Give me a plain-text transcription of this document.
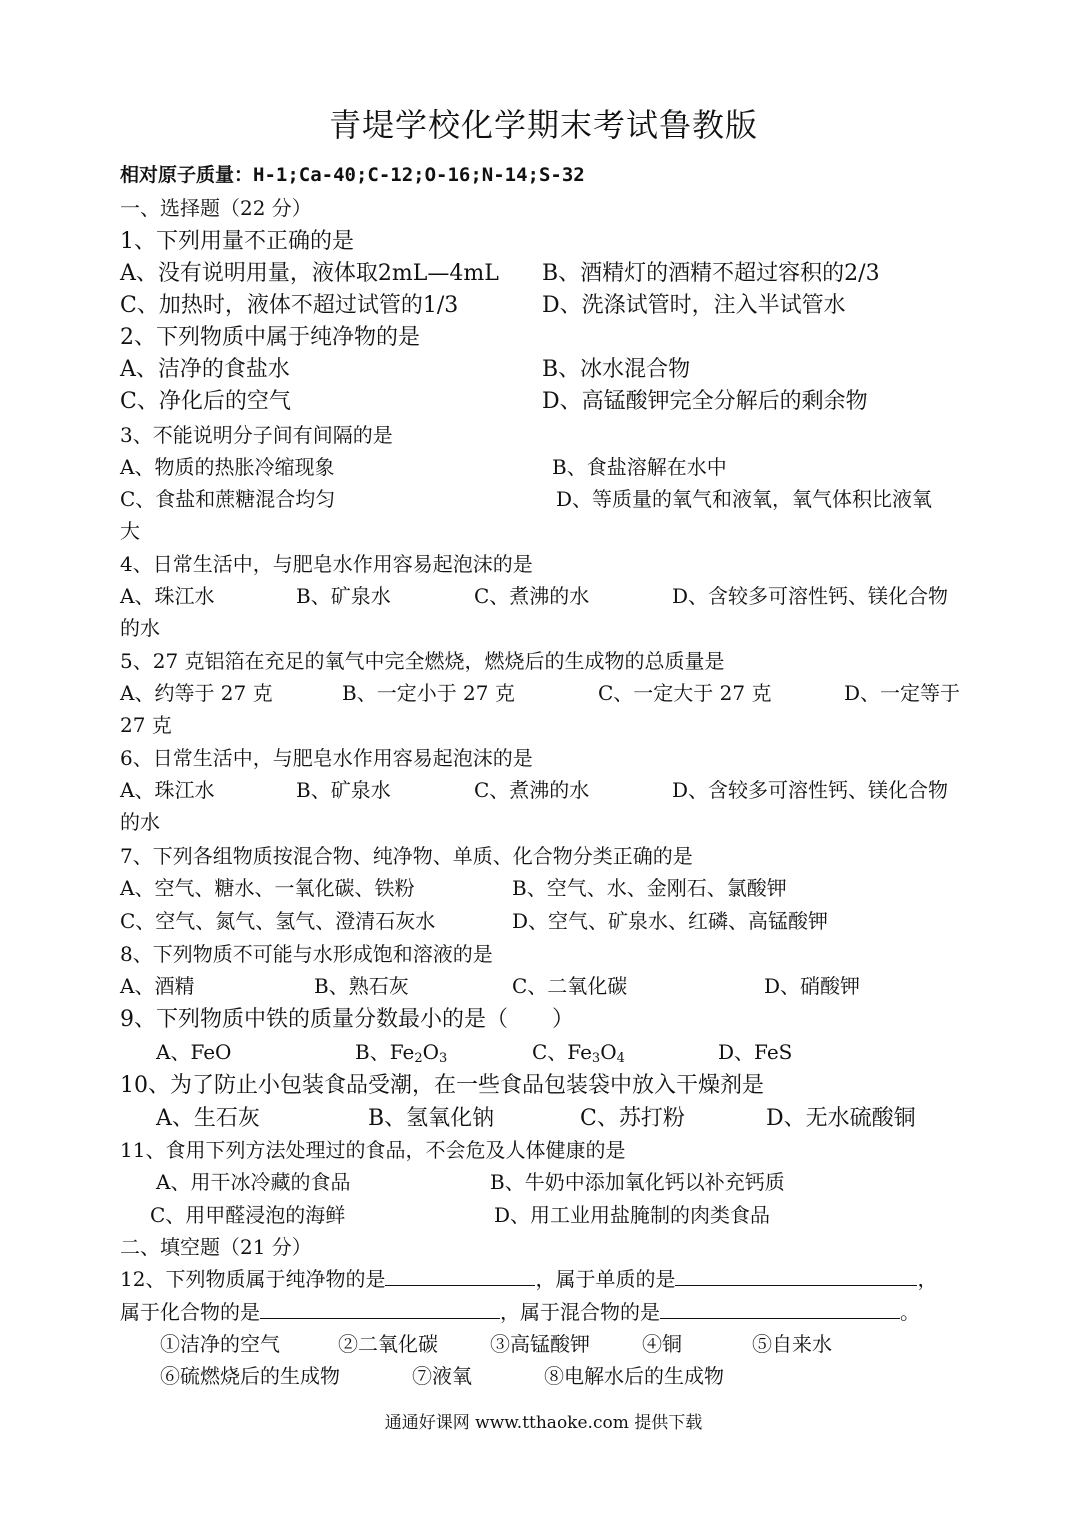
青堤学校化学期末考试鲁教版
相对原子质量：H-1;Ca-40;C-12;O-16;N-14;S-32
一、选择题（22 分）
1、下列用量不正确的是
A、没有说明用量，液体取2mL—4mL B、酒精灯的酒精不超过容积的2/3
C、加热时，液体不超过试管的1/3	D、洗涤试管时，注入半试管水
2、下列物质中属于纯净物的是
A、洁净的食盐水	B、冰水混合物
C、净化后的空气	D、高锰酸钾完全分解后的剩余物
3、不能说明分子间有间隔的是
A、物质的热胀冷缩现象	B、食盐溶解在水中
C、食盐和蔗糖混合均匀	D、等质量的氧气和液氧，氧气体积比液氧
大
4、日常生活中，与肥皂水作用容易起泡沫的是
A、珠江水	B、矿泉水	C、煮沸的水	D、含较多可溶性钙、镁化合物
的水
5、27 克铝箔在充足的氧气中完全燃烧，燃烧后的生成物的总质量是
A、约等于 27 克	B、一定小于 27 克	C、一定大于 27 克	D、一定等于
27 克
6、日常生活中，与肥皂水作用容易起泡沫的是
A、珠江水	B、矿泉水	C、煮沸的水	D、含较多可溶性钙、镁化合物
的水
7、下列各组物质按混合物、纯净物、单质、化合物分类正确的是
A、空气、糖水、一氧化碳、铁粉	B、空气、水、金刚石、氯酸钾
C、空气、氮气、氢气、澄清石灰水	D、空气、矿泉水、红磷、高锰酸钾
8、下列物质不可能与水形成饱和溶液的是
A、酒精	B、熟石灰	C、二氧化碳	D、硝酸钾
9、下列物质中铁的质量分数最小的是（　　）
A、FeO	B、$Fe_2O_3$	C、$Fe_3O_4$	D、FeS
10、为了防止小包装食品受潮，在一些食品包装袋中放入干燥剂是
A、生石灰	B、氢氧化钠	C、苏打粉	D、无水硫酸铜
11、食用下列方法处理过的食品，不会危及人体健康的是
A、用干冰冷藏的食品	B、牛奶中添加氧化钙以补充钙质
C、用甲醛浸泡的海鲜	D、用工业用盐腌制的肉类食品
二、填空题（21 分）
12、下列物质属于纯净物的是	，属于单质的是	，
属于化合物的是	，属于混合物的是	。
①洁净的空气	②二氧化碳	③高锰酸钾	④铜	⑤自来水
⑥硫燃烧后的生成物	⑦液氧	⑧电解水后的生成物
通通好课网 www.tthaoke.com 提供下载
